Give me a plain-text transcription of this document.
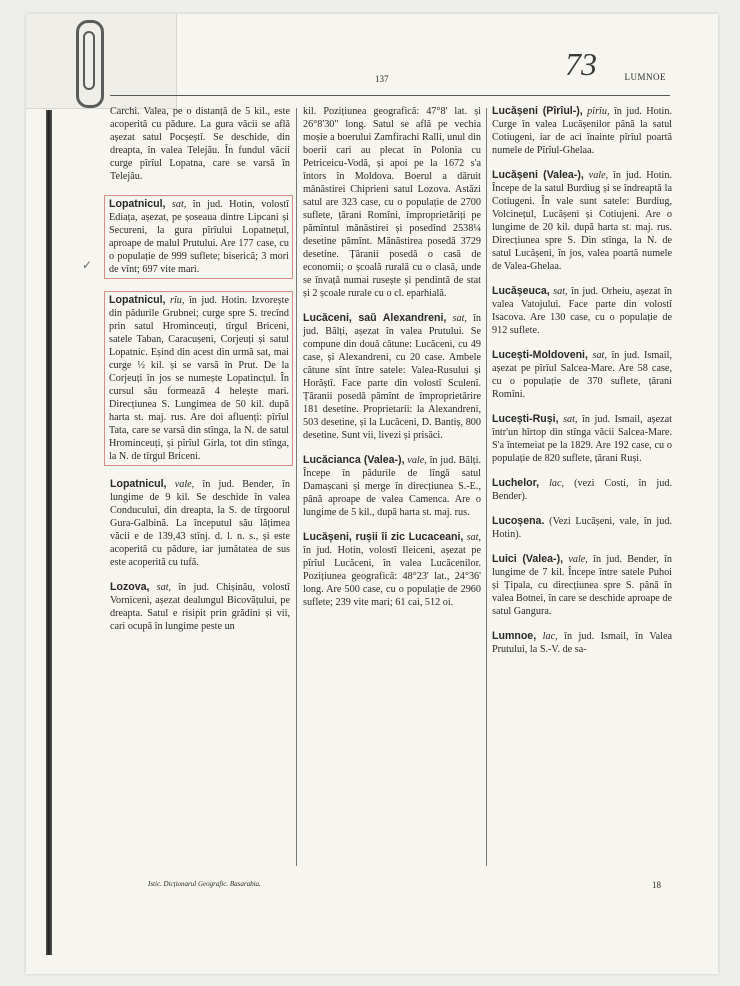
137	73	LUMNOE
✓

Carchi. Valea, pe o distanță de 5 kil., este acoperită cu pădure. La gura văcii se află așezat satul Pocșeștî. Se deschide, din dreapta, în valea Telejău. În fundul văcii curge pîrîul Lopatna, care se varsă în Telejău.

Lopatnicul, sat, în jud. Hotin, volostî Ediața, așezat, pe șoseaua dintre Lipcani și Secureni, la gura pîrîului Lopatnețul, aproape de malul Prutului. Are 177 case, cu o populație de 999 suflete; biserică; 3 mori de vînt; 697 vite mari.

Lopatnicul, rîu, în jud. Hotin. Izvorește din pădurile Grubnei; curge spre S. trecînd prin satul Hrominceuți, tîrgul Briceni, satele Taban, Caracușeni, Corjeuți și satul Lopatnic. Eșind din acest din urmă sat, mai curge ½ kil. și se varsă în Prut. De la Corjeuți în jos se numește Lopatincțul. În cursul său formează 4 helește mari. Direcțiunea S. Lungimea de 50 kil. după harta st. maj. rus. Are doi afluenți: pîrîul Tata, care se varsă din stînga, la N. de satul Hrominceuți, și pîrîul Girla, tot din stînga, la N. de tîrgul Briceni.

Lopatnicul, vale, în jud. Bender, în lungime de 9 kil. Se deschide în valea Conducului, din dreapta, la S. de tîrgoorul Gura-Galbină. La începutul său lățimea văcii e de 139,43 stînj. d. l. n. s., și este acoperită cu pădure, iar jumătatea de sus este acoperită cu tufă.

Lozova, sat, în jud. Chișinău, volostî Vorniceni, așezat dealungul Bicovățului, pe dreapta. Satul e risipit prin grădini și vii, cari ocupă în lungime peste un

kil. Pozițiunea geografică: 47°8' lat. și 26°8'30" long. Satul se află pe vechia moșie a boerului Zamfirachi Ralli, unul din boerii cari au plecat în Polonia cu Petriceicu-Vodă, și apoi pe la 1672 s'a întors în Moldova. Boerul a dăruit mănăstirei Chiprieni satul Lozova. Astăzi satul are 323 case, cu o populație de 2700 suflete, țărani Romîni, împroprietăriți pe pămîntul mănăstirei și posedînd 2538¼ desetine pămînt. Mănăstirea posedă 3729 desetine. Țăranii posedă o casă de economii; o școală rurală cu o clasă, unde se învață numai rusește și pendintă de stat și 2 școale rurale cu o cl. eparhială.

Lucăceni, saŭ Alexandreni, sat, în jud. Bălți, așezat în valea Prutului. Se compune din două cătune: Lucăceni, cu 49 case, și Alexandreni, cu 20 case. Ambele cătune sînt între satele: Valea-Rusului și Horăștî. Face parte din volostî Sculenî. Țăranii posedă pămînt de împroprietărire 181 desetine. Proprietarii: la Alexandreni, 503 desetine, și la Lucăceni, D. Bantiș, 800 desetine. Sunt vii, livezi și prisăci.

Lucăcianca (Valea-), vale, în jud. Bălți. Începe în pădurile de lîngă satul Damașcani și merge în direcțiunea S.-E., până aproape de valea Camenca. Are o lungime de 5 kil., după harta st. maj. rus.

Lucășeni, rușii îi zic Lucaceani, sat, în jud. Hotin, volostî Ileiceni, așezat pe pîrîul Lucăceni, în valea Lucăcenilor. Pozițiunea geografică: 48°23' lat., 24°36' long. Are 500 case, cu o populație de 2960 suflete; 239 vite mari; 61 cai, 512 oi.

Lucășeni (Pîrîul-), pîrîu, în jud. Hotin. Curge în valea Lucășenilor până la satul Cotiugeni, iar de aci înainte pîrîul poartă numele de Pîrîul-Ghelaa.

Lucășeni (Valea-), vale, în jud. Hotin. Începe de la satul Burdiug și se îndreaptă la Cotiugeni. În vale sunt satele: Burdiug, Volcinețul, Lucășeni și Cotiujeni. Are o lungime de 20 kil. după harta st. maj. rus. Direcțiunea spre S. Din stînga, la N. de satul Lucășeni, în jos, valea poartă numele de Valea-Ghelaa.

Lucășeuca, sat, în jud. Orheiu, așezat în valea Vatojului. Face parte din volostî Isacova. Are 130 case, cu o populație de 912 suflete.

Lucești-Moldoveni, sat, în jud. Ismail, așezat pe pîrîul Salcea-Mare. Are 58 case, cu o populație de 370 suflete, țărani Romîni.

Lucești-Ruși, sat, în jud. Ismail, așezat într'un hîrtop din stînga văcii Salcea-Mare. S'a întemeiat pe la 1829. Are 192 case, cu o populație de 820 suflete, țărani Ruși.

Luchelor, lac, (vezi Costi, în jud. Bender).

Lucoșena. (Vezi Lucășeni, vale, în jud. Hotin).

Luici (Valea-), vale, în jud. Bender, în lungime de 7 kil. Începe între satele Puhoi și Țipala, cu direcțiunea spre S. până în valea Botnei, în care se deschide aproape de satul Gangura.

Lumnoe, lac, în jud. Ismail, în Valea Prutului, la S.-V. de sa-

Istic. Dicționarul Geografic. Basarabia.	18
